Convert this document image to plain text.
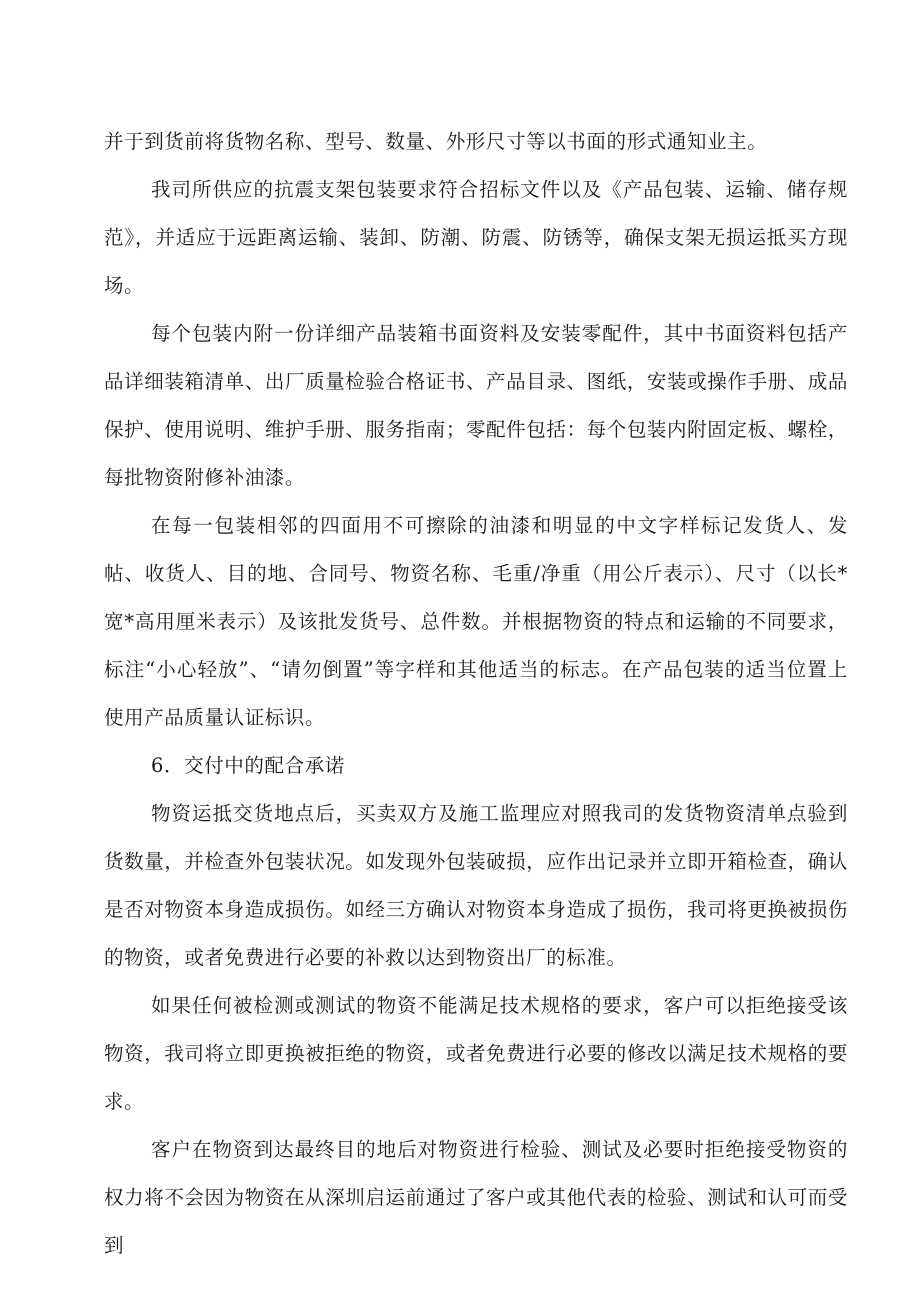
并于到货前将货物名称、型号、数量、外形尺寸等以书面的形式通知业主。

我司所供应的抗震支架包装要求符合招标文件以及《产品包装、运输、储存规范》，并适应于远距离运输、装卸、防潮、防震、防锈等，确保支架无损运抵买方现场。

每个包装内附一份详细产品装箱书面资料及安装零配件，其中书面资料包括产品详细装箱清单、出厂质量检验合格证书、产品目录、图纸，安装或操作手册、成品保护、使用说明、维护手册、服务指南；零配件包括：每个包装内附固定板、螺栓，每批物资附修补油漆。

在每一包装相邻的四面用不可擦除的油漆和明显的中文字样标记发货人、发帖、收货人、目的地、合同号、物资名称、毛重/净重（用公斤表示）、尺寸（以长*宽*高用厘米表示）及该批发货号、总件数。并根据物资的特点和运输的不同要求，标注“小心轻放”、“请勿倒置”等字样和其他适当的标志。在产品包装的适当位置上使用产品质量认证标识。

6．交付中的配合承诺

物资运抵交货地点后，买卖双方及施工监理应对照我司的发货物资清单点验到货数量，并检查外包装状况。如发现外包装破损，应作出记录并立即开箱检查，确认是否对物资本身造成损伤。如经三方确认对物资本身造成了损伤，我司将更换被损伤的物资，或者免费进行必要的补救以达到物资出厂的标准。

如果任何被检测或测试的物资不能满足技术规格的要求，客户可以拒绝接受该物资，我司将立即更换被拒绝的物资，或者免费进行必要的修改以满足技术规格的要求。

客户在物资到达最终目的地后对物资进行检验、测试及必要时拒绝接受物资的权力将不会因为物资在从深圳启运前通过了客户或其他代表的检验、测试和认可而受到
